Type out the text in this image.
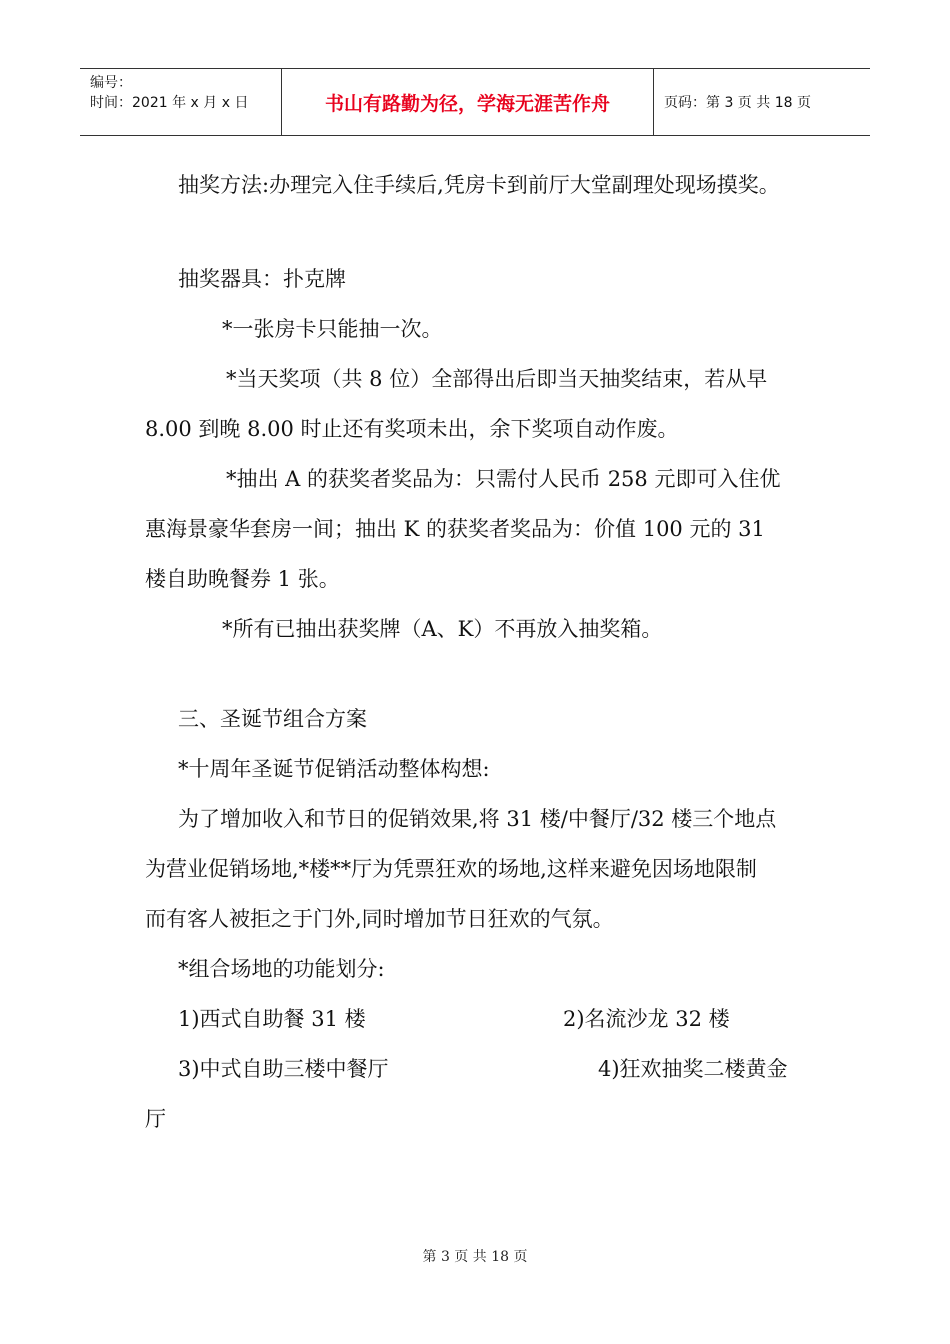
编号：
时间：2021 年 x 月 x 日	书山有路勤为径，学海无涯苦作舟	页码：第 3 页 共 18 页

抽奖方法:办理完入住手续后,凭房卡到前厅大堂副理处现场摸奖。

抽奖器具：扑克牌

*一张房卡只能抽一次。

*当天奖项（共 8 位）全部得出后即当天抽奖结束，若从早

8.00 到晚 8.00 时止还有奖项未出，余下奖项自动作废。

*抽出 A 的获奖者奖品为：只需付人民币 258 元即可入住优

惠海景豪华套房一间；抽出 K 的获奖者奖品为：价值 100 元的 31

楼自助晚餐券 1 张。

*所有已抽出获奖牌（A、K）不再放入抽奖箱。

三、圣诞节组合方案

*十周年圣诞节促销活动整体构想:

为了增加收入和节日的促销效果,将 31 楼/中餐厅/32 楼三个地点

为营业促销场地,*楼**厅为凭票狂欢的场地,这样来避免因场地限制

而有客人被拒之于门外,同时增加节日狂欢的气氛。

*组合场地的功能划分:

1)西式自助餐 31 楼	2)名流沙龙 32 楼
3)中式自助三楼中餐厅	4)狂欢抽奖二楼黄金

厅

第 3 页 共 18 页
